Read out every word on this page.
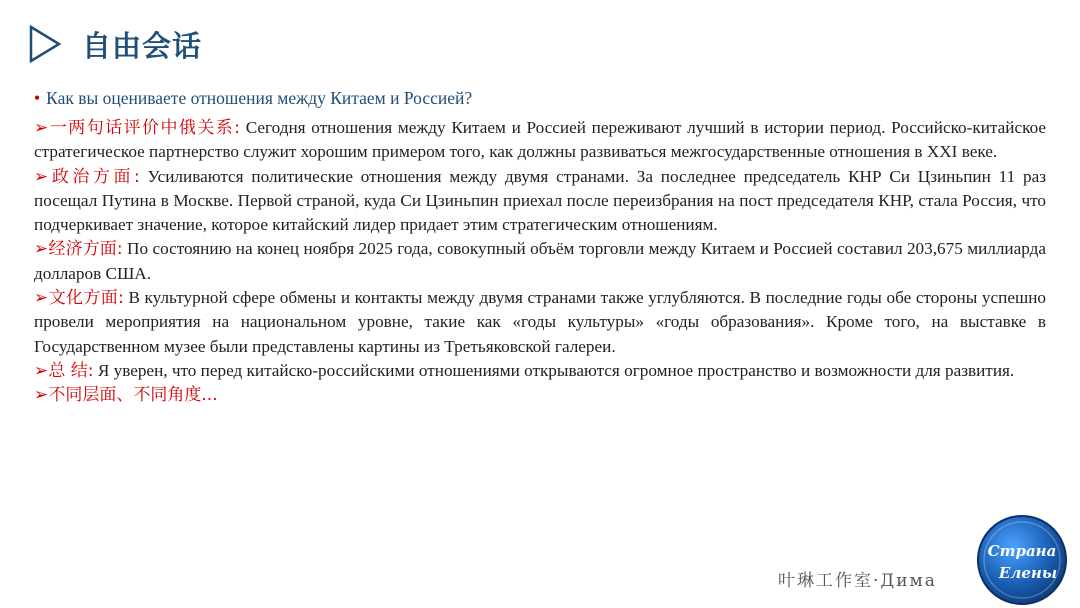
自由会话
• Как вы оцениваете отношения между Китаем и Россией?
➢一两句话评价中俄关系: Сегодня отношения между Китаем и Россией переживают лучший в истории период. Российско-китайское стратегическое партнерство служит хорошим примером того, как должны развиваться межгосударственные отношения в XXI веке.
➢政治方面: Усиливаются политические отношения между двумя странами. За последнее председатель КНР Си Цзиньпин 11 раз посещал Путина в Москве. Первой страной, куда Си Цзиньпин приехал после переизбрания на пост председателя КНР, стала Россия, что подчеркивает значение, которое китайский лидер придает этим стратегическим отношениям.
➢经济方面: По состоянию на конец ноября 2025 года, совокупный объём торговли между Китаем и Россией составил 203,675 миллиарда долларов США.
➢文化方面: В культурной сфере обмены и контакты между двумя странами также углубляются. В последние годы обе стороны успешно провели мероприятия на национальном уровне, такие как «годы культуры» «годы образования». Кроме того, на выставке в Государственном музее были представлены картины из Третьяковской галереи.
➢总 结: Я уверен, что перед китайско-российскими отношениями открываются огромное пространство и возможности для развития.
➢不同层面、不同角度...
叶琳工作室·Дима
Страна
Елены
